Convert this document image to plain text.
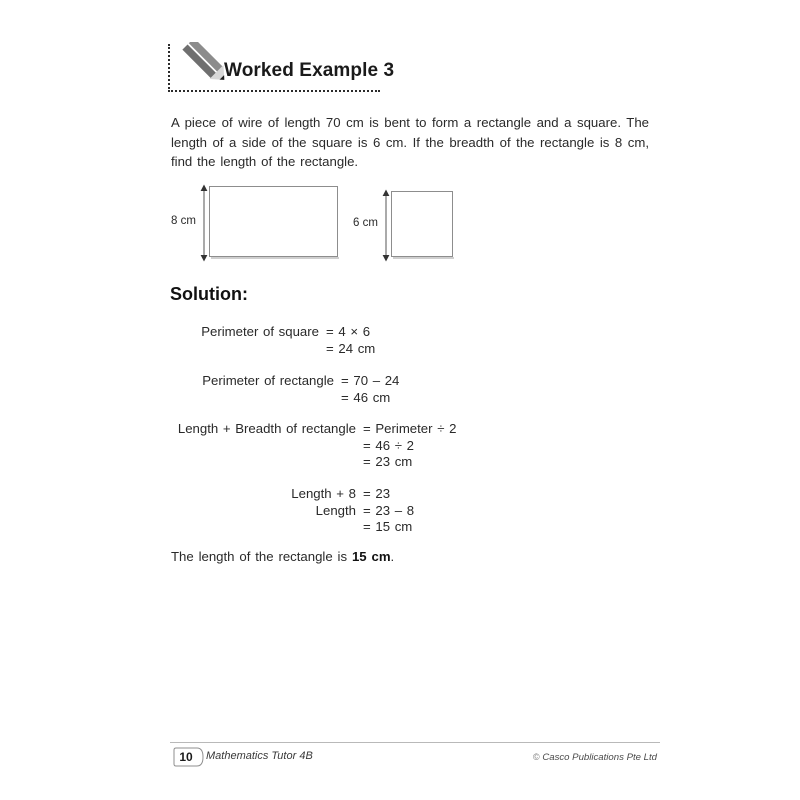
Worked Example 3
A piece of wire of length 70 cm is bent to form a rectangle and a square. The length of a side of the square is 6 cm. If the breadth of the rectangle is 8 cm, find the length of the rectangle.
8 cm	6 cm
Solution:
Perimeter of square = 4 × 6
= 24 cm
Perimeter of rectangle = 70 – 24
= 46 cm
Length + Breadth of rectangle = Perimeter ÷ 2
= 46 ÷ 2
= 23 cm
Length + 8 = 23
Length = 23 – 8
= 15 cm
The length of the rectangle is 15 cm.
10	Mathematics Tutor 4B	© Casco Publications Pte Ltd
